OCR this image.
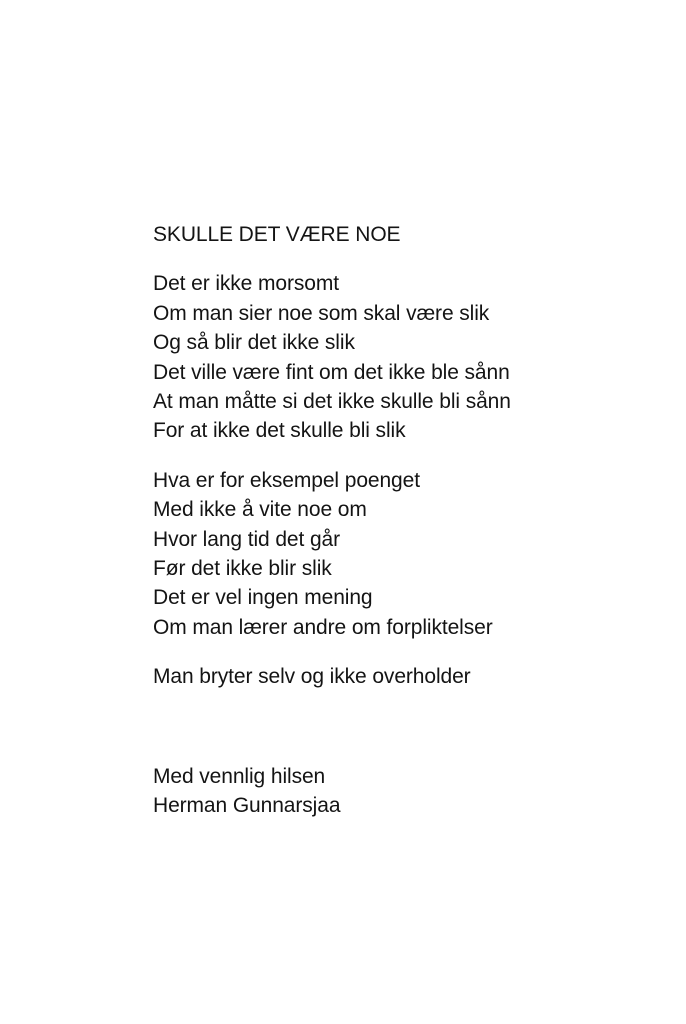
SKULLE DET VÆRE NOE
Det er ikke morsomt
Om man sier noe som skal være slik
Og så blir det ikke slik
Det ville være fint om det ikke ble sånn
At man måtte si det ikke skulle bli sånn
For at ikke det skulle bli slik
Hva er for eksempel poenget
Med ikke å vite noe om
Hvor lang tid det går
Før det ikke blir slik
Det er vel ingen mening
Om man lærer andre om forpliktelser
Man bryter selv og ikke overholder
Med vennlig hilsen
Herman Gunnarsjaa
